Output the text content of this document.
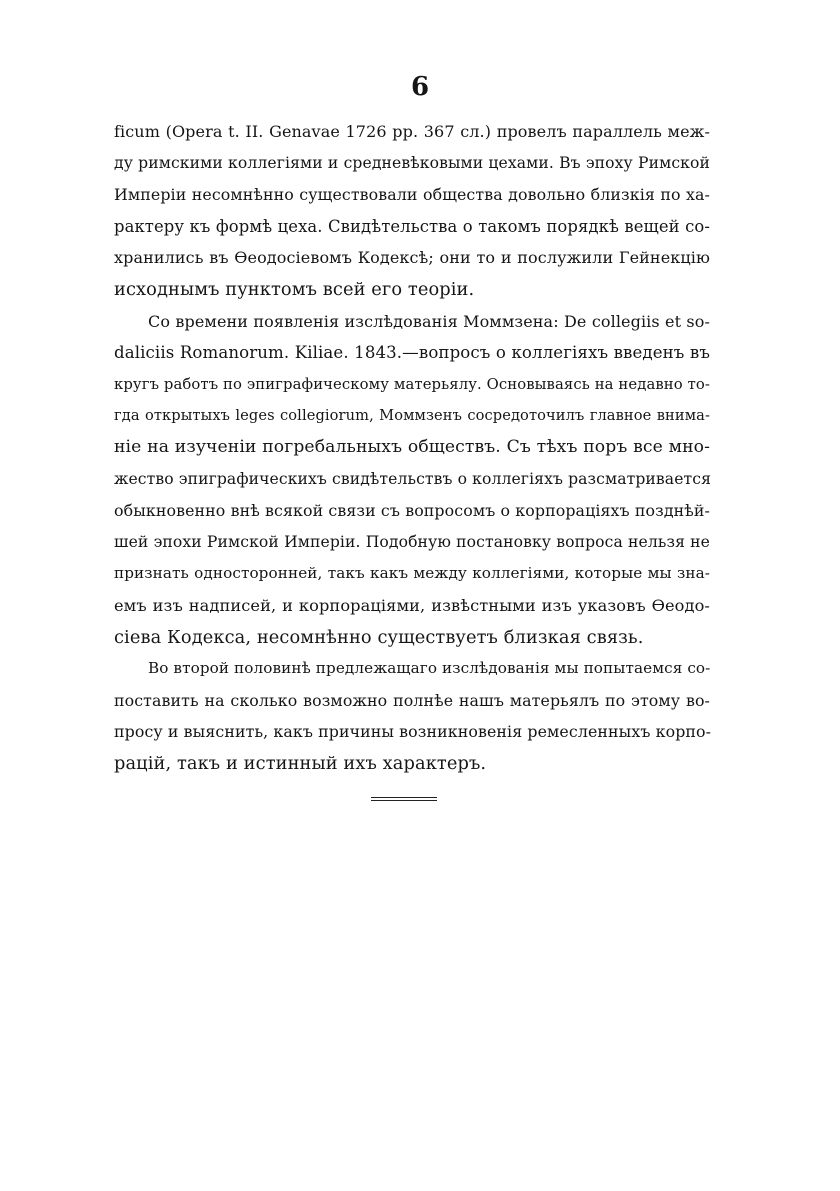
6
ficum (Opera t. II. Genavae 1726 pp. 367 сл.) провелъ параллель меж-
ду римскими коллегіями и средневѣковыми цехами. Въ эпоху Римской
Имперіи несомнѣнно существовали общества довольно близкія по ха-
рактеру къ формѣ цеха. Свидѣтельства о такомъ порядкѣ вещей со-
хранились въ Ѳеодосіевомъ Кодексѣ; они то и послужили Гейнекцію
исходнымъ пунктомъ всей его теоріи.
Со времени появленія изслѣдованія Моммзена: De collegiis et so-
daliciis Romanorum. Kiliae. 1843.—вопросъ о коллегіяхъ введенъ въ
кругъ работъ по эпиграфическому матерьялу. Основываясь на недавно то-
гда открытыхъ leges collegiorum, Моммзенъ сосредоточилъ главное внима-
ніе на изученіи погребальныхъ обществъ. Съ тѣхъ поръ все мно-
жество эпиграфическихъ свидѣтельствъ о коллегіяхъ разсматривается
обыкновенно внѣ всякой связи съ вопросомъ о корпораціяхъ позднѣй-
шей эпохи Римской Имперіи. Подобную постановку вопроса нельзя не
признать односторонней, такъ какъ между коллегіями, которые мы зна-
емъ изъ надписей, и корпораціями, извѣстными изъ указовъ Ѳеодо-
сіева Кодекса, несомнѣнно существуетъ близкая связь.
Во второй половинѣ предлежащаго изслѣдованія мы попытаемся со-
поставить на сколько возможно полнѣе нашъ матерьялъ по этому во-
просу и выяснить, какъ причины возникновенія ремесленныхъ корпо-
рацій, такъ и истинный ихъ характеръ.
